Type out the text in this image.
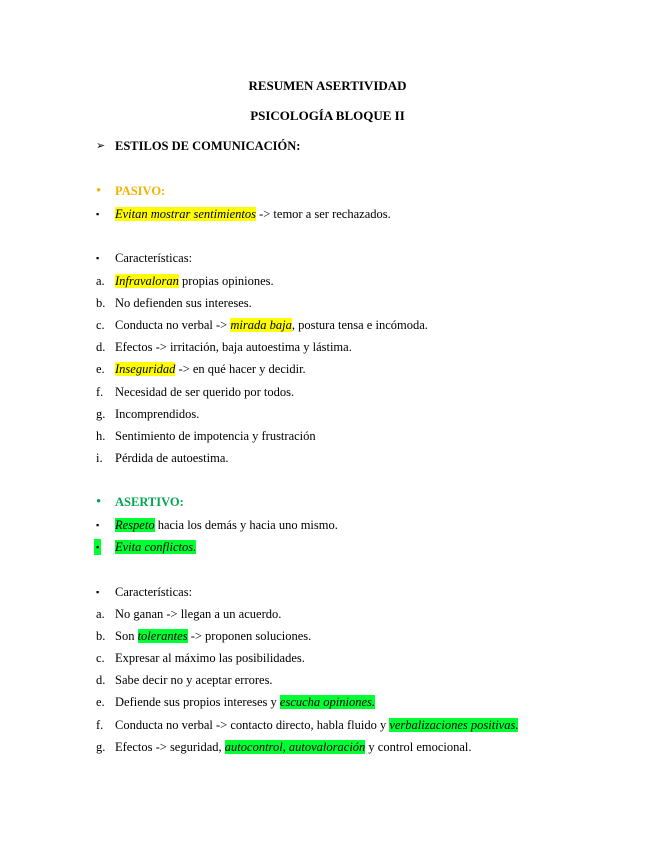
RESUMEN ASERTIVIDAD
PSICOLOGÍA BLOQUE II
➢ ESTILOS DE COMUNICACIÓN:
• PASIVO:
▪ Evitan mostrar sentimientos -> temor a ser rechazados.
▪ Características:
a. Infravaloran propias opiniones.
b. No defienden sus intereses.
c. Conducta no verbal -> mirada baja, postura tensa e incómoda.
d. Efectos -> irritación, baja autoestima y lástima.
e. Inseguridad -> en qué hacer y decidir.
f. Necesidad de ser querido por todos.
g. Incomprendidos.
h. Sentimiento de impotencia y frustración
i. Pérdida de autoestima.
• ASERTIVO:
▪ Respeto hacia los demás y hacia uno mismo.
▪ Evita conflictos.
▪ Características:
a. No ganan -> llegan a un acuerdo.
b. Son tolerantes -> proponen soluciones.
c. Expresar al máximo las posibilidades.
d. Sabe decir no y aceptar errores.
e. Defiende sus propios intereses y escucha opiniones.
f. Conducta no verbal -> contacto directo, habla fluido y verbalizaciones positivas.
g. Efectos -> seguridad, autocontrol, autovaloración y control emocional.
